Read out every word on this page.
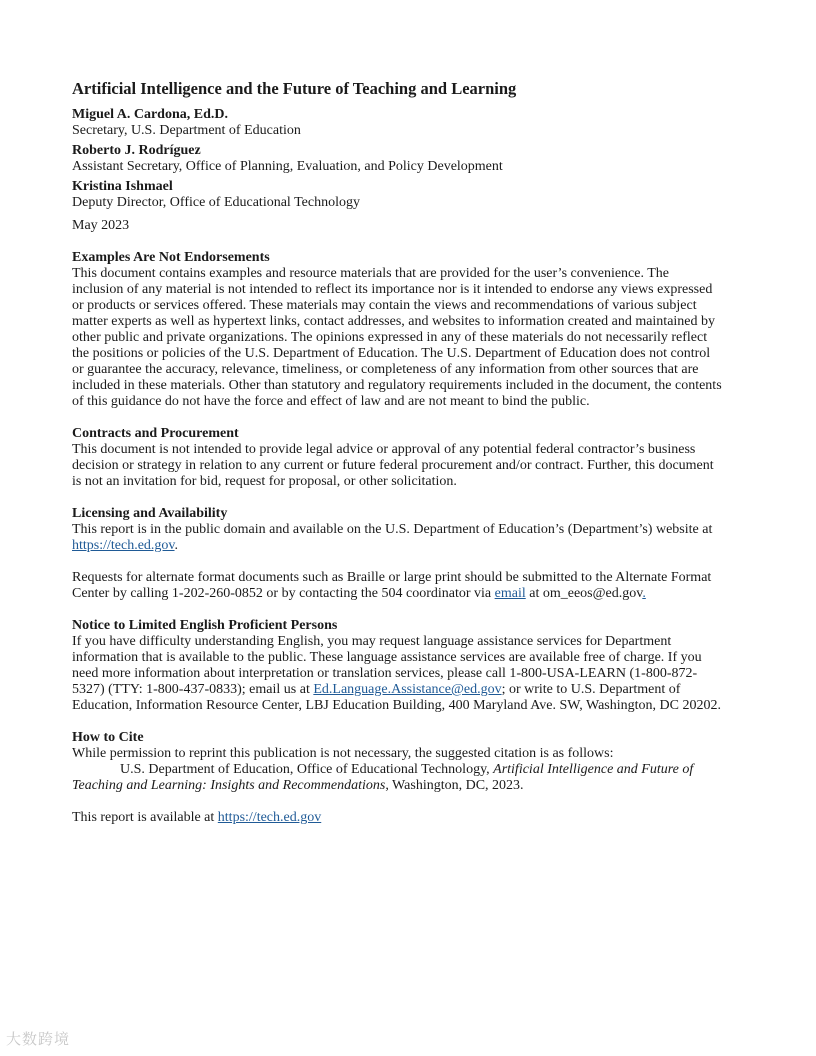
Artificial Intelligence and the Future of Teaching and Learning
Miguel A. Cardona, Ed.D.
Secretary, U.S. Department of Education
Roberto J. Rodríguez
Assistant Secretary, Office of Planning, Evaluation, and Policy Development
Kristina Ishmael
Deputy Director, Office of Educational Technology
May 2023
Examples Are Not Endorsements

This document contains examples and resource materials that are provided for the user’s convenience. The inclusion of any material is not intended to reflect its importance nor is it intended to endorse any views expressed or products or services offered. These materials may contain the views and recommendations of various subject matter experts as well as hypertext links, contact addresses, and websites to information created and maintained by other public and private organizations. The opinions expressed in any of these materials do not necessarily reflect the positions or policies of the U.S. Department of Education. The U.S. Department of Education does not control or guarantee the accuracy, relevance, timeliness, or completeness of any information from other sources that are included in these materials. Other than statutory and regulatory requirements included in the document, the contents of this guidance do not have the force and effect of law and are not meant to bind the public.

Contracts and Procurement

This document is not intended to provide legal advice or approval of any potential federal contractor’s business decision or strategy in relation to any current or future federal procurement and/or contract. Further, this document is not an invitation for bid, request for proposal, or other solicitation.

Licensing and Availability

This report is in the public domain and available on the U.S. Department of Education’s (Department’s) website at https://tech.ed.gov.

Requests for alternate format documents such as Braille or large print should be submitted to the Alternate Format Center by calling 1-202-260-0852 or by contacting the 504 coordinator via email at om_eeos@ed.gov.

Notice to Limited English Proficient Persons

If you have difficulty understanding English, you may request language assistance services for Department information that is available to the public. These language assistance services are available free of charge. If you need more information about interpretation or translation services, please call 1-800-USA-LEARN (1-800-872-5327) (TTY: 1-800-437-0833); email us at Ed.Language.Assistance@ed.gov; or write to U.S. Department of Education, Information Resource Center, LBJ Education Building, 400 Maryland Ave. SW, Washington, DC 20202.

How to Cite

While permission to reprint this publication is not necessary, the suggested citation is as follows:

U.S. Department of Education, Office of Educational Technology, Artificial Intelligence and Future of Teaching and Learning: Insights and Recommendations, Washington, DC, 2023.

This report is available at https://tech.ed.gov

大数跨境
